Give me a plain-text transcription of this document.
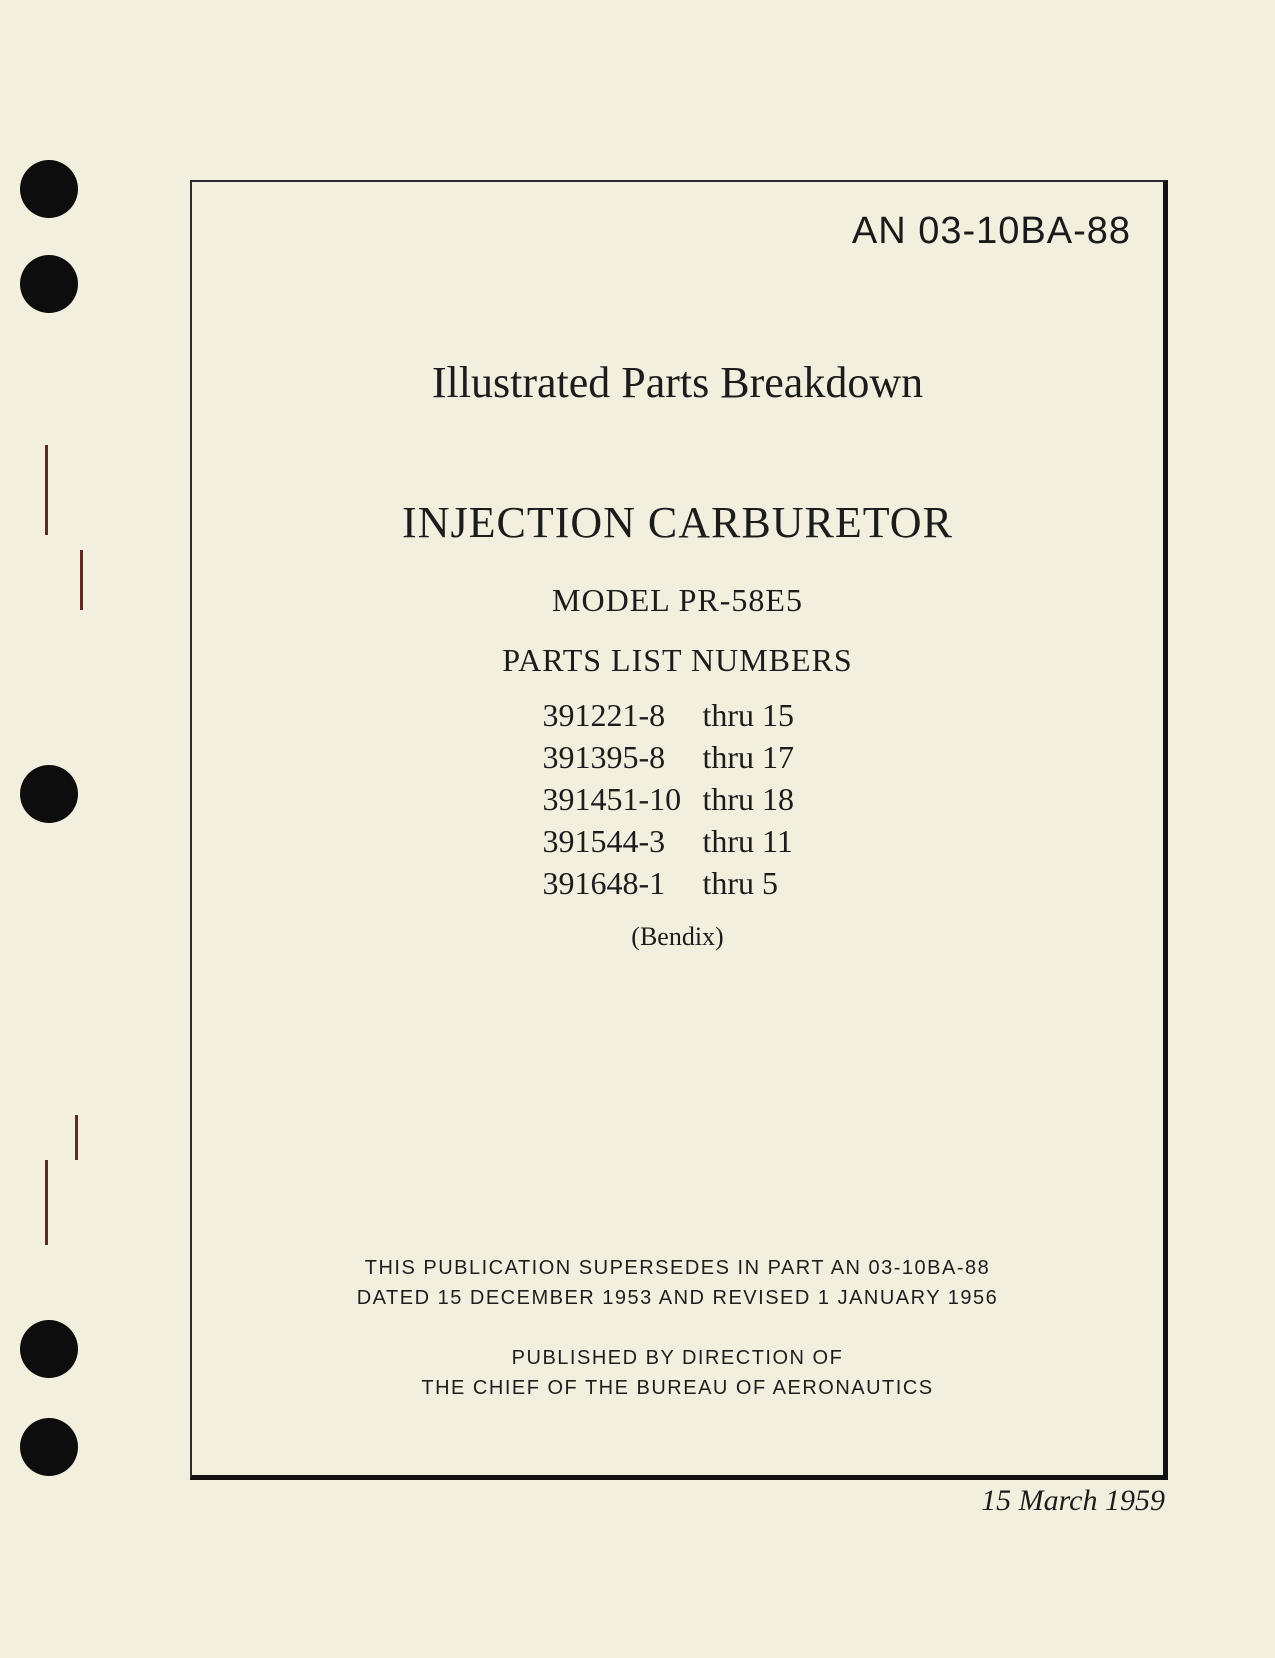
AN 03-10BA-88
Illustrated Parts Breakdown
INJECTION CARBURETOR
MODEL PR-58E5
PARTS LIST NUMBERS
391221-8	thru 15
391395-8	thru 17
391451-10 thru 18
391544-3	thru 11
391648-1	thru 5
(Bendix)
THIS PUBLICATION SUPERSEDES IN PART AN 03-10BA-88
DATED 15 DECEMBER 1953 AND REVISED 1 JANUARY 1956
PUBLISHED BY DIRECTION OF
THE CHIEF OF THE BUREAU OF AERONAUTICS
15 March 1959
